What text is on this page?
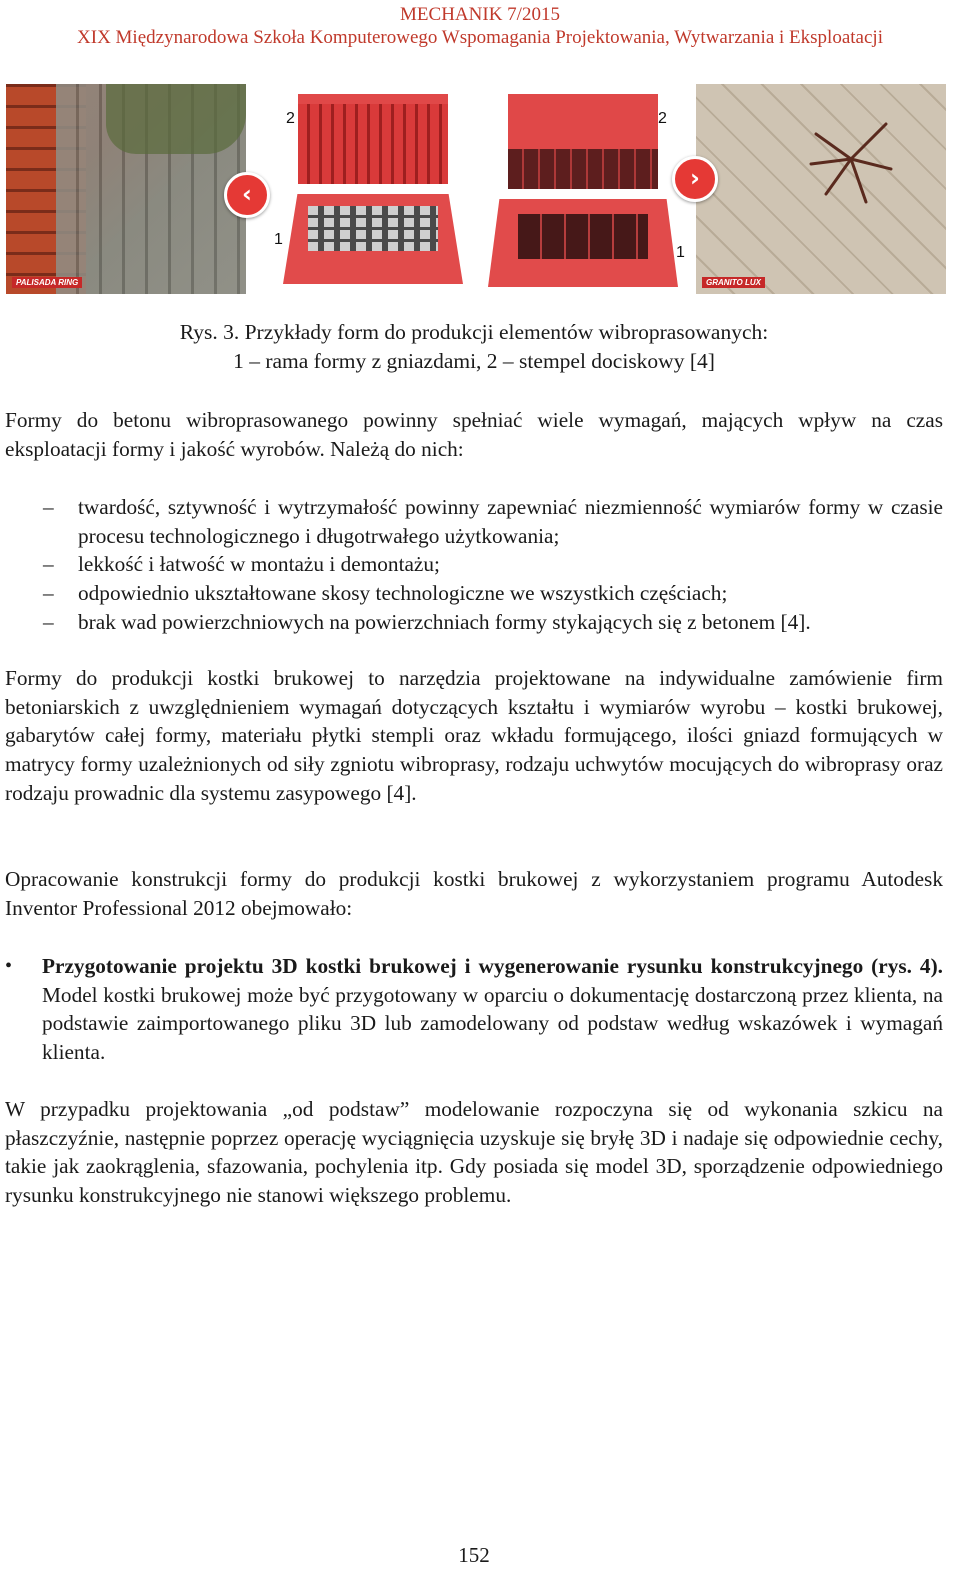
MECHANIK 7/2015
XIX Międzynarodowa Szkoła Komputerowego Wspomagania Projektowania, Wytwarzania i Eksploatacji
PALISADA RING
2
1
2
1
GRANITO LUX
‹
›
Rys. 3. Przykłady form do produkcji elementów wibroprasowanych:
1 – rama formy z gniazdami, 2 – stempel dociskowy [4]

Formy do betonu wibroprasowanego powinny spełniać wiele wymagań, mających wpływ na czas eksploatacji formy i jakość wyrobów. Należą do nich:

– twardość, sztywność i wytrzymałość powinny zapewniać niezmienność wymiarów formy w czasie procesu technologicznego i długotrwałego użytkowania;
– lekkość i łatwość w montażu i demontażu;
– odpowiednio ukształtowane skosy technologiczne we wszystkich częściach;
– brak wad powierzchniowych na powierzchniach formy stykających się z betonem [4].

Formy do produkcji kostki brukowej to narzędzia projektowane na indywidualne zamówienie firm betoniarskich z uwzględnieniem wymagań dotyczących kształtu i wymiarów wyrobu – kostki brukowej, gabarytów całej formy, materiału płytki stempli oraz wkładu formującego, ilości gniazd formujących w matrycy formy uzależnionych od siły zgniotu wibroprasy, rodzaju uchwytów mocujących do wibroprasy oraz rodzaju prowadnic dla systemu zasypowego [4].

Opracowanie konstrukcji formy do produkcji kostki brukowej z wykorzystaniem programu Autodesk Inventor Professional 2012 obejmowało:

•	Przygotowanie projektu 3D kostki brukowej i wygenerowanie rysunku konstrukcyjnego (rys. 4). Model kostki brukowej może być przygotowany w oparciu o dokumentację dostarczoną przez klienta, na podstawie zaimportowanego pliku 3D lub zamodelowany od podstaw według wskazówek i wymagań klienta.

W przypadku projektowania „od podstaw” modelowanie rozpoczyna się od wykonania szkicu na płaszczyźnie, następnie poprzez operację wyciągnięcia uzyskuje się bryłę 3D i nadaje się odpowiednie cechy, takie jak zaokrąglenia, sfazowania, pochylenia itp. Gdy posiada się model 3D, sporządzenie odpowiedniego rysunku konstrukcyjnego nie stanowi większego problemu.

152
